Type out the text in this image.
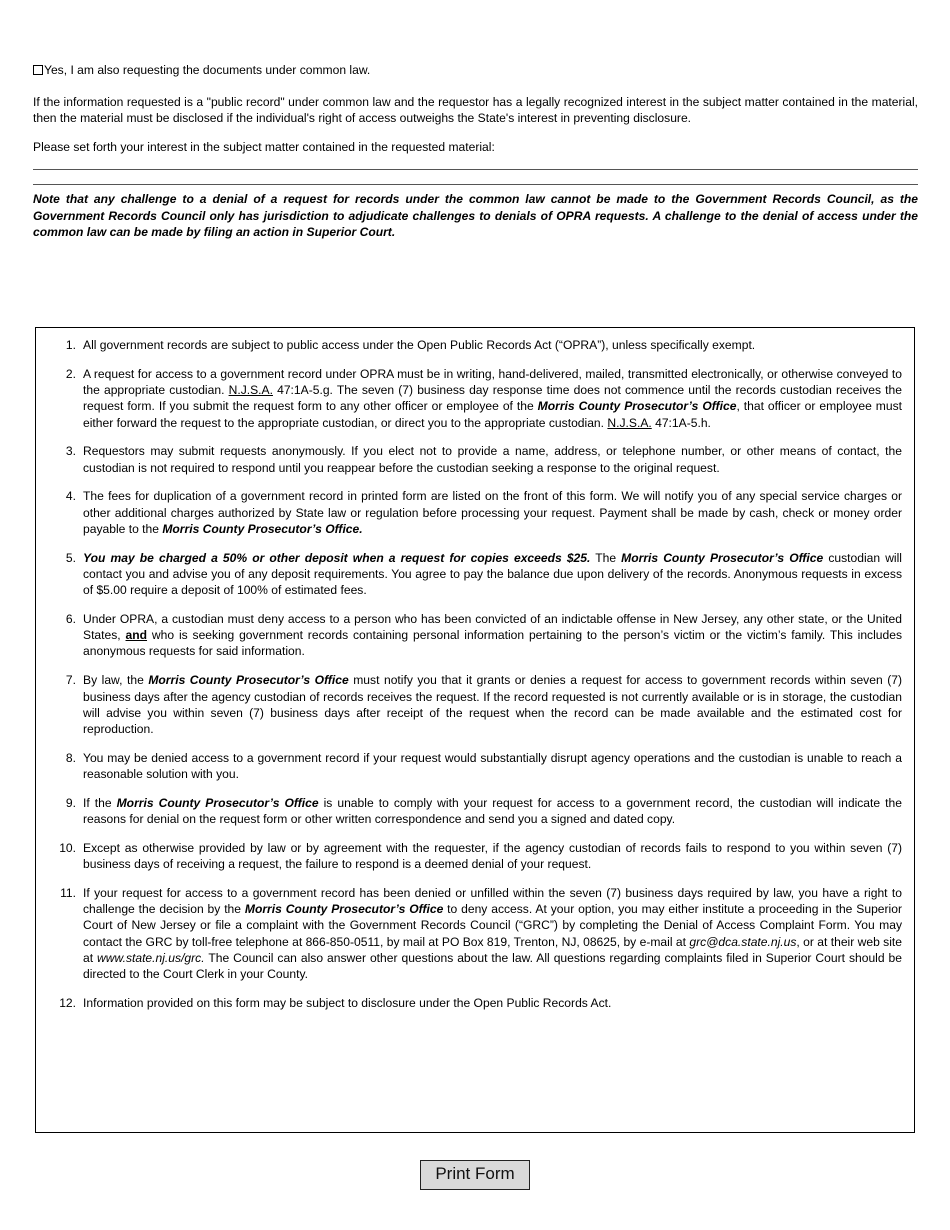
Yes, I am also requesting the documents under common law.

If the information requested is a "public record" under common law and the requestor has a legally recognized interest in the subject matter contained in the material, then the material must be disclosed if the individual's right of access outweighs the State's interest in preventing disclosure.

Please set forth your interest in the subject matter contained in the requested material:

Note that any challenge to a denial of a request for records under the common law cannot be made to the Government Records Council, as the Government Records Council only has jurisdiction to adjudicate challenges to denials of OPRA requests. A challenge to the denial of access under the common law can be made by filing an action in Superior Court.

1. All government records are subject to public access under the Open Public Records Act (“OPRA”), unless specifically exempt.
2. A request for access to a government record under OPRA must be in writing, hand-delivered, mailed, transmitted electronically, or otherwise conveyed to the appropriate custodian. N.J.S.A. 47:1A-5.g. The seven (7) business day response time does not commence until the records custodian receives the request form. If you submit the request form to any other officer or employee of the Morris County Prosecutor’s Office, that officer or employee must either forward the request to the appropriate custodian, or direct you to the appropriate custodian. N.J.S.A. 47:1A-5.h.
3. Requestors may submit requests anonymously. If you elect not to provide a name, address, or telephone number, or other means of contact, the custodian is not required to respond until you reappear before the custodian seeking a response to the original request.
4. The fees for duplication of a government record in printed form are listed on the front of this form. We will notify you of any special service charges or other additional charges authorized by State law or regulation before processing your request. Payment shall be made by cash, check or money order payable to the Morris County Prosecutor’s Office.
5. You may be charged a 50% or other deposit when a request for copies exceeds $25. The Morris County Prosecutor’s Office custodian will contact you and advise you of any deposit requirements. You agree to pay the balance due upon delivery of the records. Anonymous requests in excess of $5.00 require a deposit of 100% of estimated fees.
6. Under OPRA, a custodian must deny access to a person who has been convicted of an indictable offense in New Jersey, any other state, or the United States, and who is seeking government records containing personal information pertaining to the person’s victim or the victim’s family. This includes anonymous requests for said information.
7. By law, the Morris County Prosecutor’s Office must notify you that it grants or denies a request for access to government records within seven (7) business days after the agency custodian of records receives the request. If the record requested is not currently available or is in storage, the custodian will advise you within seven (7) business days after receipt of the request when the record can be made available and the estimated cost for reproduction.
8. You may be denied access to a government record if your request would substantially disrupt agency operations and the custodian is unable to reach a reasonable solution with you.
9. If the Morris County Prosecutor’s Office is unable to comply with your request for access to a government record, the custodian will indicate the reasons for denial on the request form or other written correspondence and send you a signed and dated copy.
10. Except as otherwise provided by law or by agreement with the requester, if the agency custodian of records fails to respond to you within seven (7) business days of receiving a request, the failure to respond is a deemed denial of your request.
11. If your request for access to a government record has been denied or unfilled within the seven (7) business days required by law, you have a right to challenge the decision by the Morris County Prosecutor’s Office to deny access. At your option, you may either institute a proceeding in the Superior Court of New Jersey or file a complaint with the Government Records Council (“GRC”) by completing the Denial of Access Complaint Form. You may contact the GRC by toll-free telephone at 866-850-0511, by mail at PO Box 819, Trenton, NJ, 08625, by e-mail at grc@dca.state.nj.us, or at their web site at www.state.nj.us/grc. The Council can also answer other questions about the law. All questions regarding complaints filed in Superior Court should be directed to the Court Clerk in your County.
12. Information provided on this form may be subject to disclosure under the Open Public Records Act.
Print Form
